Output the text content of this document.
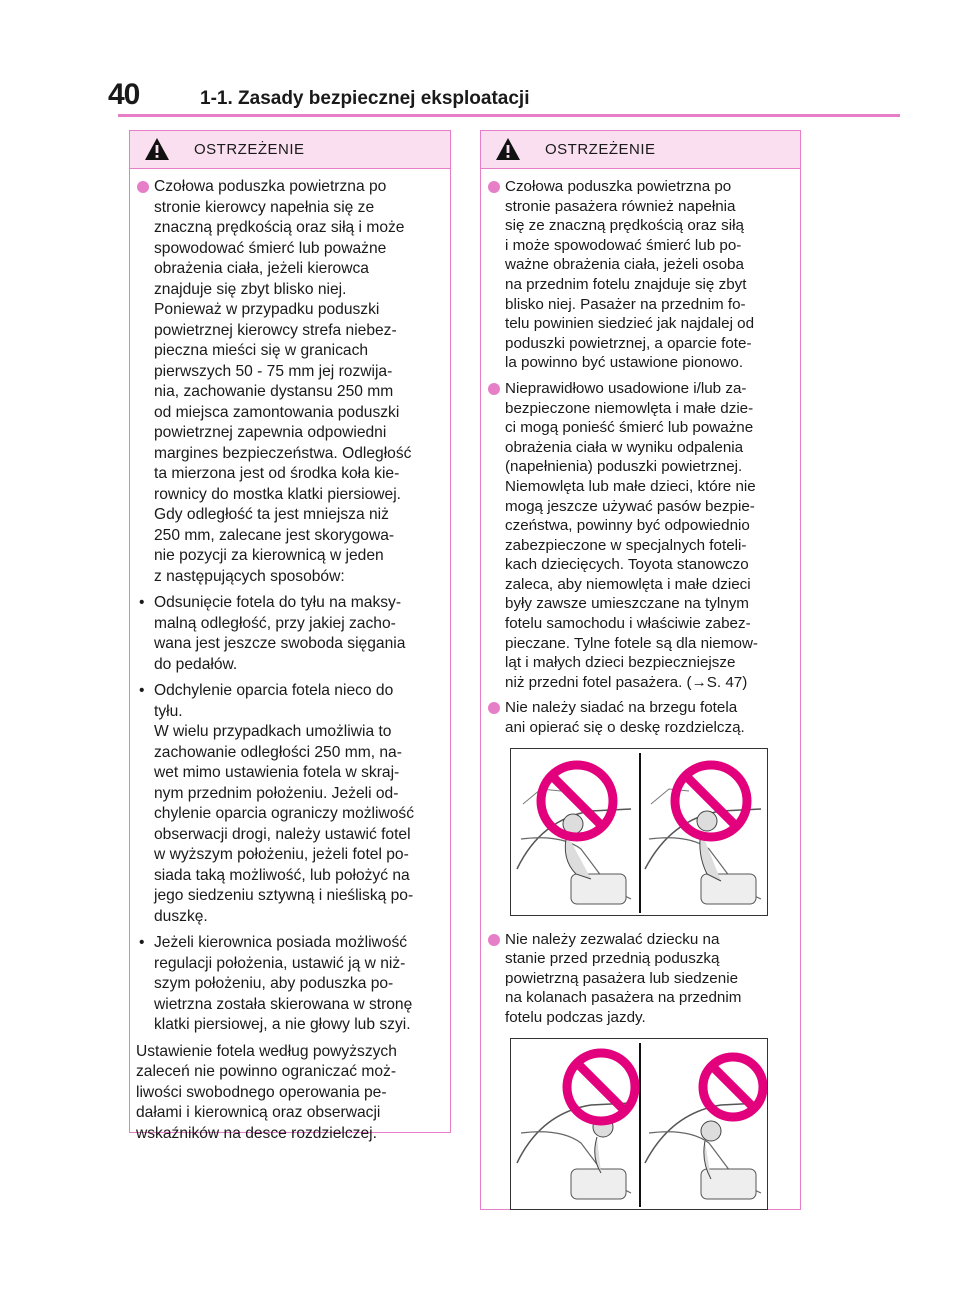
40	1-1. Zasady bezpiecznej eksploatacji
OSTRZEŻENIE
Czołowa poduszka powietrzna po
stronie kierowcy napełnia się ze
znaczną prędkością oraz siłą i może
spowodować śmierć lub poważne
obrażenia ciała, jeżeli kierowca
znajduje się zbyt blisko niej.
Ponieważ w przypadku poduszki
powietrznej kierowcy strefa niebez-
pieczna mieści się w granicach
pierwszych 50 - 75 mm jej rozwija-
nia, zachowanie dystansu 250 mm
od miejsca zamontowania poduszki
powietrznej zapewnia odpowiedni
margines bezpieczeństwa. Odległość
ta mierzona jest od środka koła kie-
rownicy do mostka klatki piersiowej.
Gdy odległość ta jest mniejsza niż
250 mm, zalecane jest skorygowa-
nie pozycji za kierownicą w jeden
z następujących sposobów:
• Odsunięcie fotela do tyłu na maksy-
malną odległość, przy jakiej zacho-
wana jest jeszcze swoboda sięgania
do pedałów.
• Odchylenie oparcia fotela nieco do
tyłu.
W wielu przypadkach umożliwia to
zachowanie odległości 250 mm, na-
wet mimo ustawienia fotela w skraj-
nym przednim położeniu. Jeżeli od-
chylenie oparcia ograniczy możliwość
obserwacji drogi, należy ustawić fotel
w wyższym położeniu, jeżeli fotel po-
siada taką możliwość, lub położyć na
jego siedzeniu sztywną i nieśliską po-
duszkę.
• Jeżeli kierownica posiada możliwość
regulacji położenia, ustawić ją w niż-
szym położeniu, aby poduszka po-
wietrzna została skierowana w stronę
klatki piersiowej, a nie głowy lub szyi.
Ustawienie fotela według powyższych
zaleceń nie powinno ograniczać moż-
liwości swobodnego operowania pe-
dałami i kierownicą oraz obserwacji
wskaźników na desce rozdzielczej.
OSTRZEŻENIE
Czołowa poduszka powietrzna po
stronie pasażera również napełnia
się ze znaczną prędkością oraz siłą
i może spowodować śmierć lub po-
ważne obrażenia ciała, jeżeli osoba
na przednim fotelu znajduje się zbyt
blisko niej. Pasażer na przednim fo-
telu powinien siedzieć jak najdalej od
poduszki powietrznej, a oparcie fote-
la powinno być ustawione pionowo.
Nieprawidłowo usadowione i/lub za-
bezpieczone niemowlęta i małe dzie-
ci mogą ponieść śmierć lub poważne
obrażenia ciała w wyniku odpalenia
(napełnienia) poduszki powietrznej.
Niemowlęta lub małe dzieci, które nie
mogą jeszcze używać pasów bezpie-
czeństwa, powinny być odpowiednio
zabezpieczone w specjalnych foteli-
kach dziecięcych. Toyota stanowczo
zaleca, aby niemowlęta i małe dzieci
były zawsze umieszczane na tylnym
fotelu samochodu i właściwie zabez-
pieczane. Tylne fotele są dla niemow-
ląt i małych dzieci bezpieczniejsze
niż przedni fotel pasażera. (→S. 47)
Nie należy siadać na brzegu fotela
ani opierać się o deskę rozdzielczą.
Nie należy zezwalać dziecku na
stanie przed przednią poduszką
powietrzną pasażera lub siedzenie
na kolanach pasażera na przednim
fotelu podczas jazdy.
